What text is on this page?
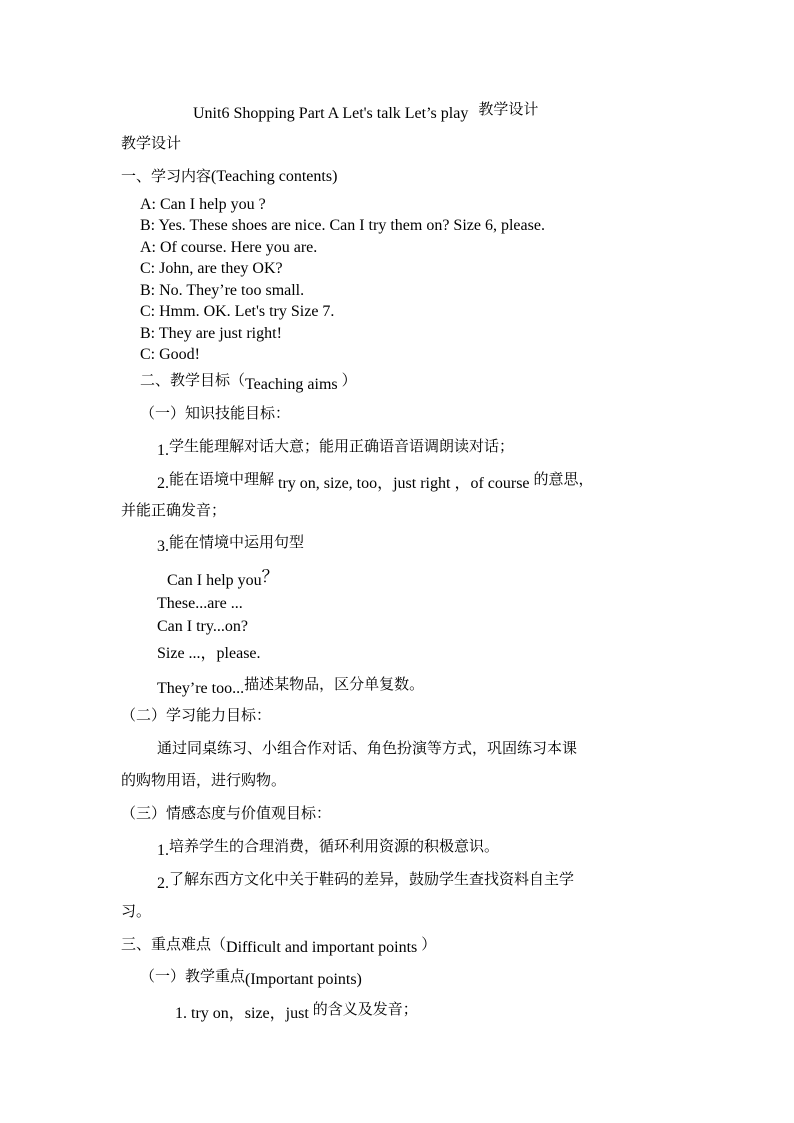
Unit6 Shopping Part A Let's talk Let’s play 教学设计
教学设计
一、学习内容(Teaching contents)
A: Can I help you ?
B: Yes. These shoes are nice. Can I try them on? Size 6, please.
A: Of course. Here you are.
C: John, are they OK?
B: No. They’re too small.
C: Hmm. OK. Let's try Size 7.
B: They are just right!
C: Good!
二、教学目标（Teaching aims ）
（一）知识技能目标：
1.学生能理解对话大意；能用正确语音语调朗读对话；
2.能在语境中理解 try on, size, too，just right ，of course 的意思，
并能正确发音；
3.能在情境中运用句型
Can I help you？
These...are ...
Can I try...on?
Size ...，please.
They’re too...描述某物品，区分单复数。
（二）学习能力目标：
通过同桌练习、小组合作对话、角色扮演等方式，巩固练习本课
的购物用语，进行购物。
（三）情感态度与价值观目标：
1.培养学生的合理消费，循环利用资源的积极意识。
2.了解东西方文化中关于鞋码的差异，鼓励学生查找资料自主学
习。
三、重点难点（Difficult and important points ）
（一）教学重点(Important points)
1. try on，size，just 的含义及发音；
